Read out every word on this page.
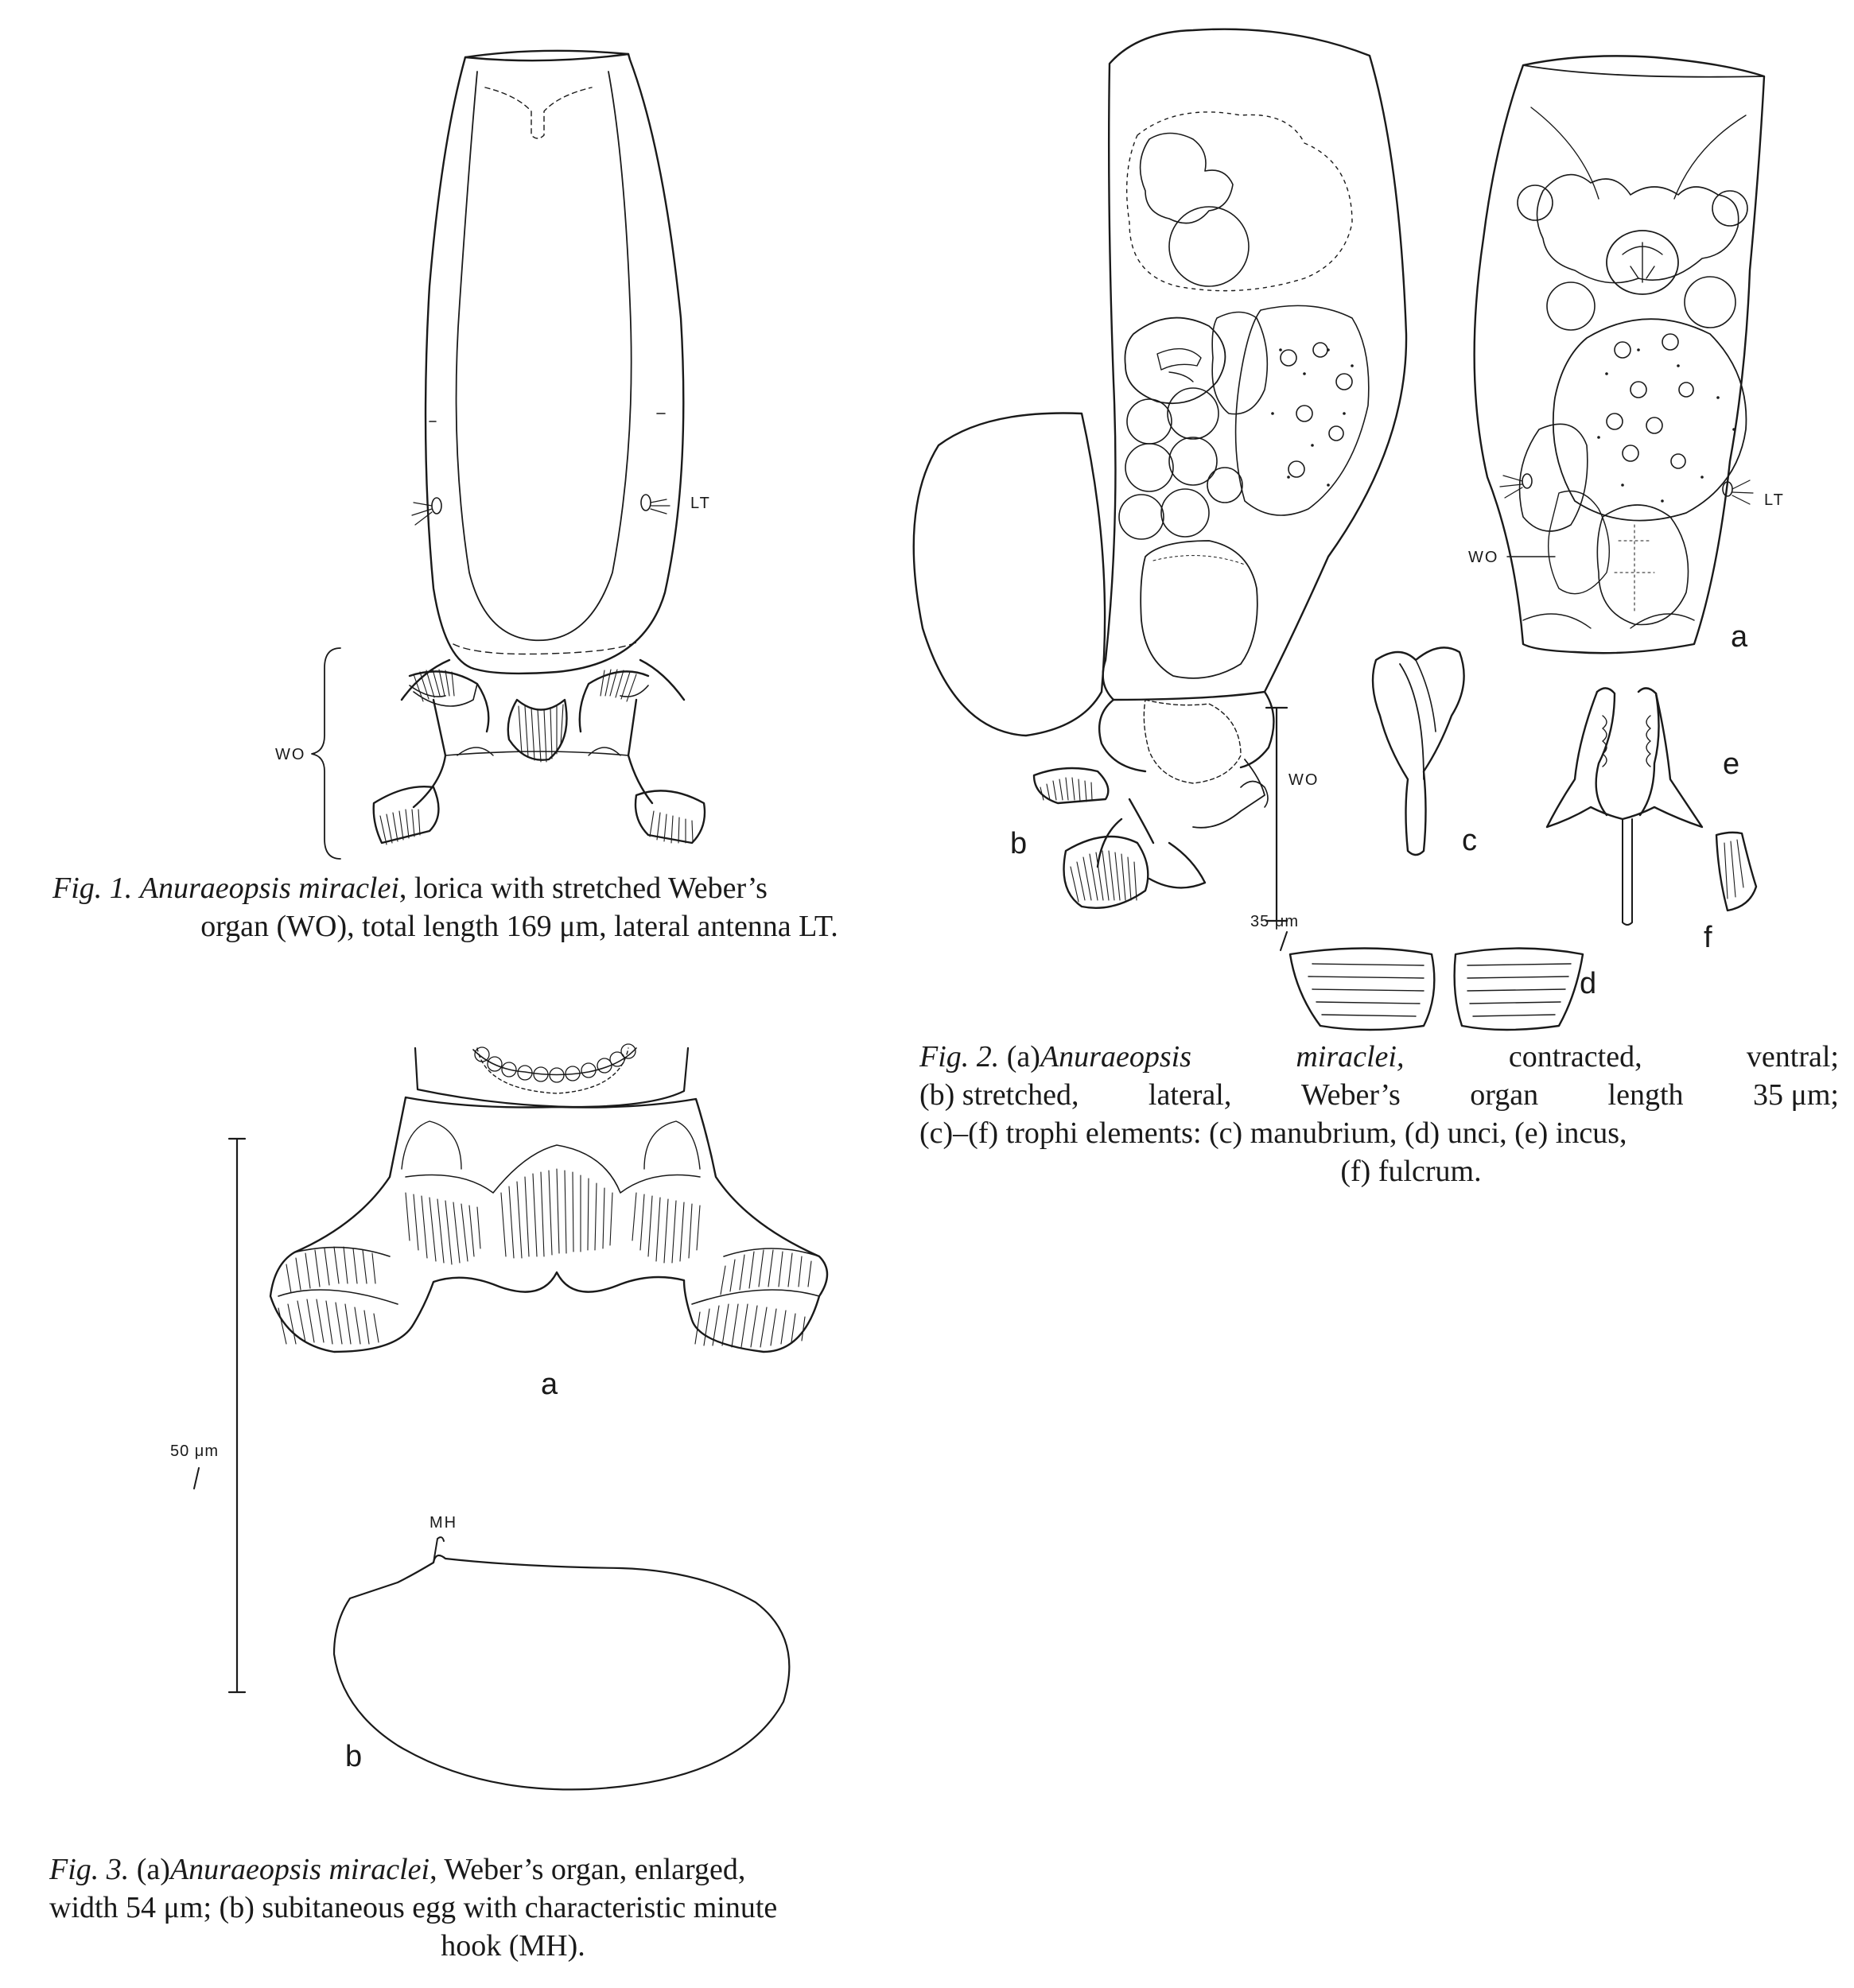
WO
LT
b	c
e
f
d
a
WO
WO
LT
35 μm
a
b
MH
50 μm
Fig. 1. Anuraeopsis miraclei, lorica with stretched Weber’s
organ (WO), total length 169 μm, lateral antenna LT.
Fig. 2. (a)Anuraeopsis	miraclei,	contracted,	ventral;
(b) stretched, lateral, Weber’s organ length 35 μm;
(c)–(f) trophi elements: (c) manubrium, (d) unci, (e) incus,
(f) fulcrum.
Fig. 3. (a)Anuraeopsis miraclei, Weber’s organ, enlarged,
width 54 μm; (b) subitaneous egg with characteristic minute
hook (MH).
